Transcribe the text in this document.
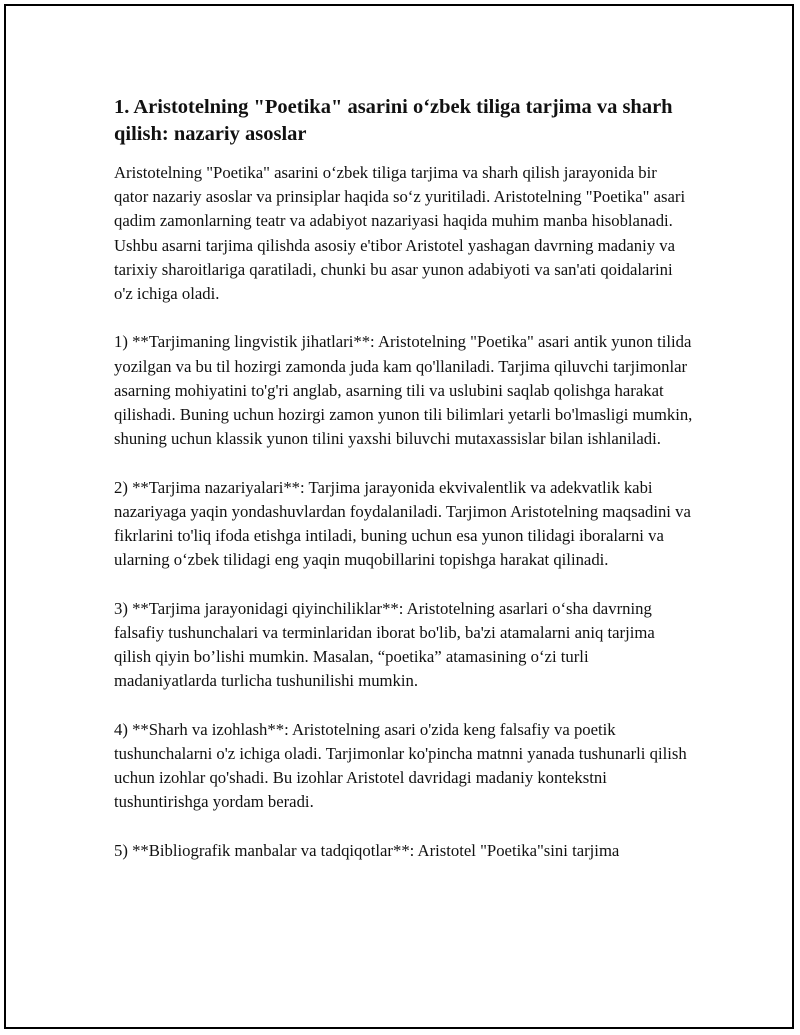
1. Aristotelning "Poetika" asarini o‘zbek tiliga tarjima va sharh qilish: nazariy asoslar

Aristotelning "Poetika" asarini o‘zbek tiliga tarjima va sharh qilish jarayonida bir qator nazariy asoslar va prinsiplar haqida so‘z yuritiladi. Aristotelning "Poetika" asari qadim zamonlarning teatr va adabiyot nazariyasi haqida muhim manba hisoblanadi. Ushbu asarni tarjima qilishda asosiy e'tibor Aristotel yashagan davrning madaniy va tarixiy sharoitlariga qaratiladi, chunki bu asar yunon adabiyoti va san'ati qoidalarini o'z ichiga oladi.

1) **Tarjimaning lingvistik jihatlari**: Aristotelning "Poetika" asari antik yunon tilida yozilgan va bu til hozirgi zamonda juda kam qo'llaniladi. Tarjima qiluvchi tarjimonlar asarning mohiyatini to'g'ri anglab, asarning tili va uslubini saqlab qolishga harakat qilishadi. Buning uchun hozirgi zamon yunon tili bilimlari yetarli bo'lmasligi mumkin, shuning uchun klassik yunon tilini yaxshi biluvchi mutaxassislar bilan ishlaniladi.

2) **Tarjima nazariyalari**: Tarjima jarayonida ekvivalentlik va adekvatlik kabi nazariyaga yaqin yondashuvlardan foydalaniladi. Tarjimon Aristotelning maqsadini va fikrlarini to'liq ifoda etishga intiladi, buning uchun esa yunon tilidagi iboralarni va ularning o‘zbek tilidagi eng yaqin muqobillarini topishga harakat qilinadi.

3) **Tarjima jarayonidagi qiyinchiliklar**: Aristotelning asarlari o‘sha davrning falsafiy tushunchalari va terminlaridan iborat bo'lib, ba'zi atamalarni aniq tarjima qilish qiyin bo’lishi mumkin. Masalan, “poetika” atamasining o‘zi turli madaniyatlarda turlicha tushunilishi mumkin.

4) **Sharh va izohlash**: Aristotelning asari o'zida keng falsafiy va poetik tushunchalarni o'z ichiga oladi. Tarjimonlar ko'pincha matnni yanada tushunarli qilish uchun izohlar qo'shadi. Bu izohlar Aristotel davridagi madaniy kontekstni tushuntirishga yordam beradi.

5) **Bibliografik manbalar va tadqiqotlar**: Aristotel "Poetika"sini tarjima
